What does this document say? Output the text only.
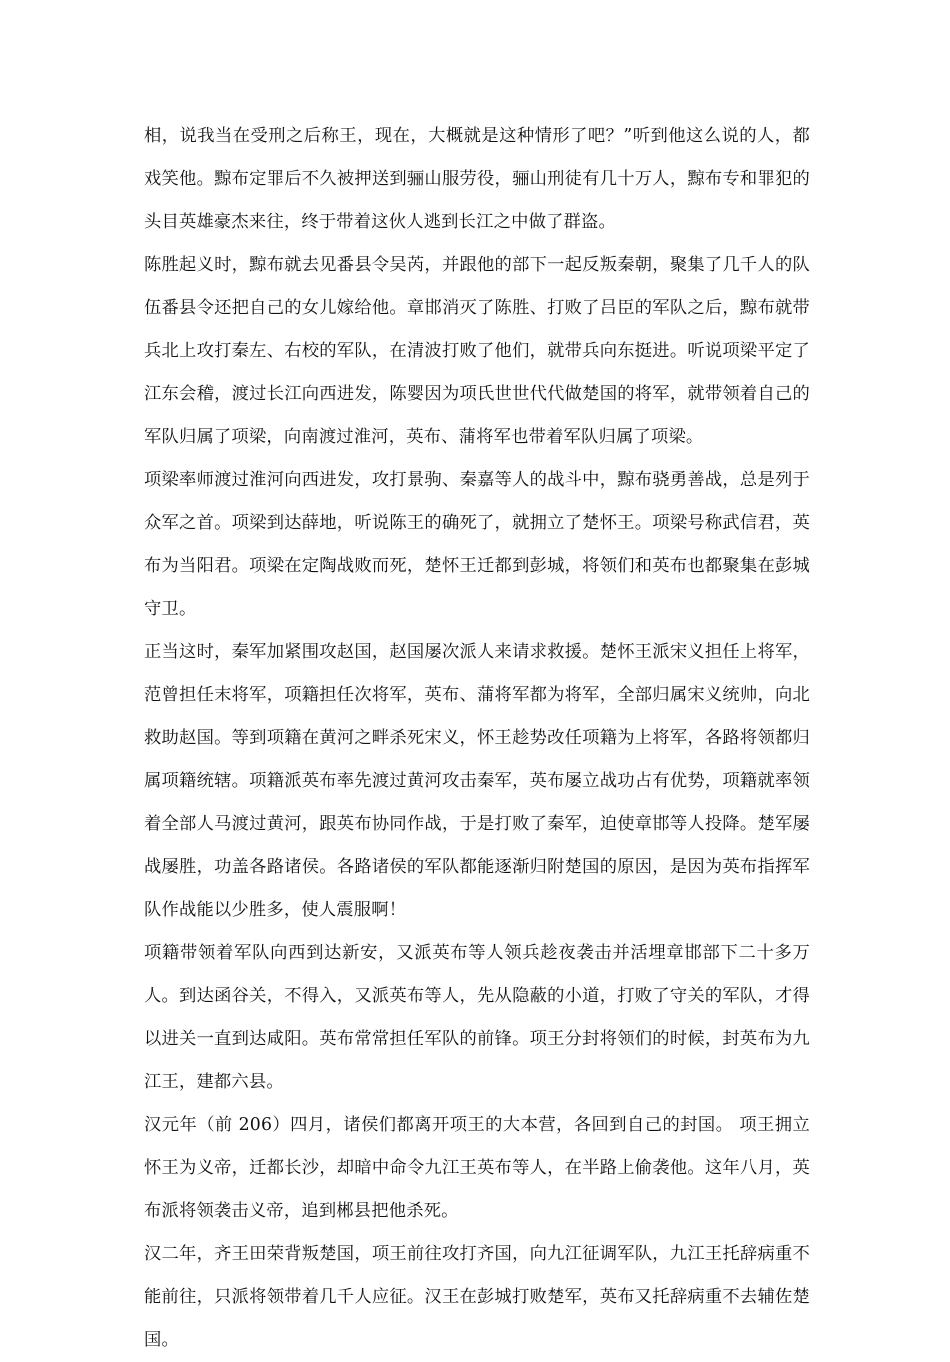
相，说我当在受刑之后称王，现在，大概就是这种情形了吧？”听到他这么说的人，都戏笑他。黥布定罪后不久被押送到骊山服劳役，骊山刑徒有几十万人，黥布专和罪犯的头目英雄豪杰来往，终于带着这伙人逃到长江之中做了群盗。

陈胜起义时，黥布就去见番县令吴芮，并跟他的部下一起反叛秦朝，聚集了几千人的队伍番县令还把自己的女儿嫁给他。章邯消灭了陈胜、打败了吕臣的军队之后，黥布就带兵北上攻打秦左、右校的军队，在清波打败了他们，就带兵向东挺进。听说项梁平定了江东会稽，渡过长江向西进发，陈婴因为项氏世世代代做楚国的将军，就带领着自己的军队归属了项梁，向南渡过淮河，英布、蒲将军也带着军队归属了项梁。

项梁率师渡过淮河向西进发，攻打景驹、秦嘉等人的战斗中，黥布骁勇善战，总是列于众军之首。项梁到达薛地，听说陈王的确死了，就拥立了楚怀王。项梁号称武信君，英布为当阳君。项梁在定陶战败而死，楚怀王迁都到彭城，将领们和英布也都聚集在彭城守卫。

正当这时，秦军加紧围攻赵国，赵国屡次派人来请求救援。楚怀王派宋义担任上将军，范曾担任末将军，项籍担任次将军，英布、蒲将军都为将军，全部归属宋义统帅，向北救助赵国。等到项籍在黄河之畔杀死宋义，怀王趁势改任项籍为上将军，各路将领都归属项籍统辖。项籍派英布率先渡过黄河攻击秦军，英布屡立战功占有优势，项籍就率领着全部人马渡过黄河，跟英布协同作战，于是打败了秦军，迫使章邯等人投降。楚军屡战屡胜，功盖各路诸侯。各路诸侯的军队都能逐渐归附楚国的原因，是因为英布指挥军队作战能以少胜多，使人震服啊！

项籍带领着军队向西到达新安，又派英布等人领兵趁夜袭击并活埋章邯部下二十多万人。到达函谷关，不得入，又派英布等人，先从隐蔽的小道，打败了守关的军队，才得以进关一直到达咸阳。英布常常担任军队的前锋。项王分封将领们的时候，封英布为九江王，建都六县。

汉元年（前 206）四月，诸侯们都离开项王的大本营，各回到自己的封国。 项王拥立怀王为义帝，迁都长沙，却暗中命令九江王英布等人，在半路上偷袭他。这年八月，英布派将领袭击义帝，追到郴县把他杀死。

汉二年，齐王田荣背叛楚国，项王前往攻打齐国，向九江征调军队，九江王托辞病重不能前往，只派将领带着几千人应征。汉王在彭城打败楚军，英布又托辞病重不去辅佐楚国。
